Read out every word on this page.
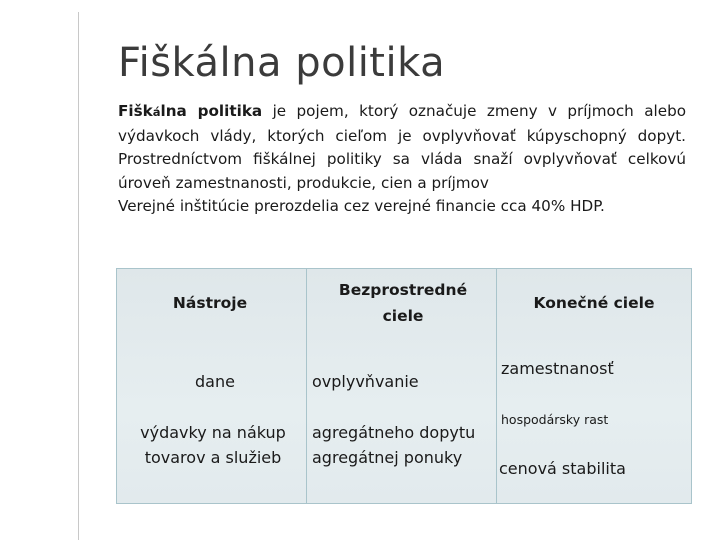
Fiškálna politika

Fiškálna politika je pojem, ktorý označuje zmeny v príjmoch alebo výdavkoch vlády, ktorých cieľom je ovplyvňovať kúpyschopný dopyt. Prostredníctvom fiškálnej politiky sa vláda snaží ovplyvňovať celkovú úroveň zamestnanosti, produkcie, cien a príjmov

Verejné inštitúcie prerozdelia cez verejné financie cca 40% HDP.

Nástroje
Bezprostredné ciele
Konečné ciele
dane
výdavky na nákup tovarov a služieb
ovplyvňvanie
agregátneho dopytu agregátnej ponuky
zamestnanosť
hospodársky rast
cenová stabilita
